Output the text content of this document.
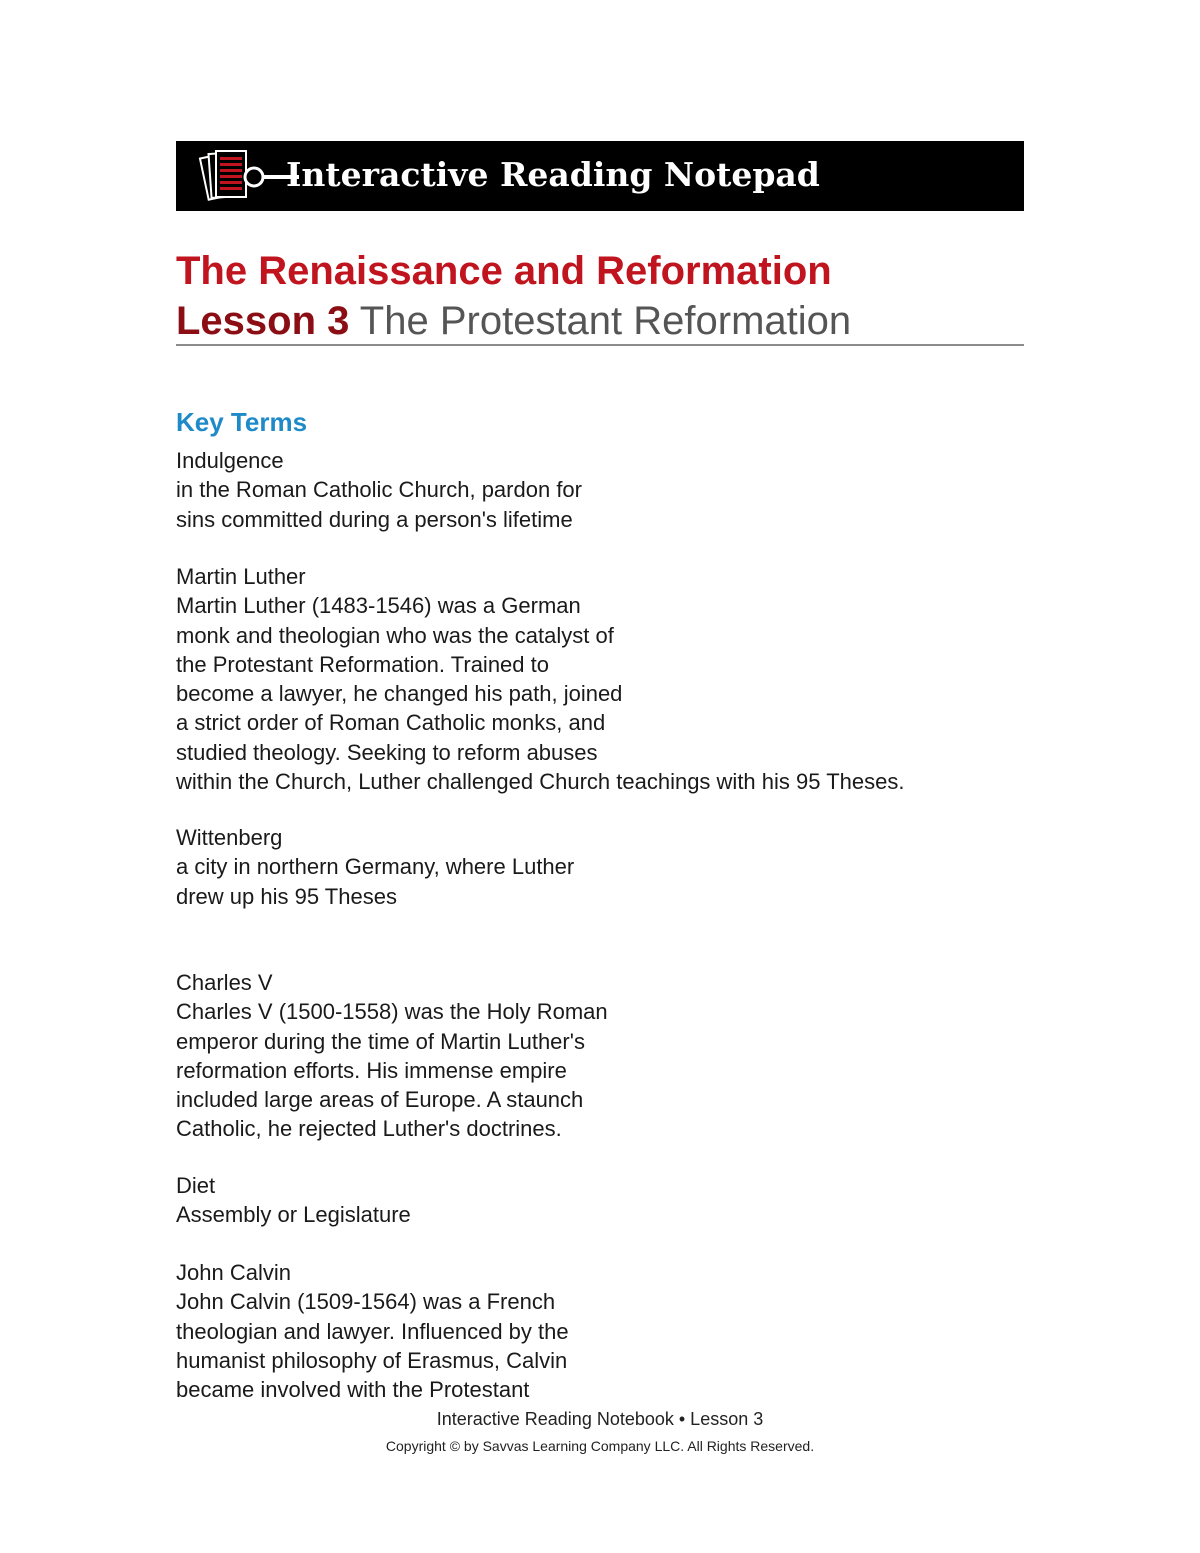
Interactive Reading Notepad
The Renaissance and Reformation
Lesson 3 The Protestant Reformation
Key Terms
Indulgence
in the Roman Catholic Church, pardon for
sins committed during a person's lifetime
Martin Luther
Martin Luther (1483-1546) was a German
monk and theologian who was the catalyst of
the Protestant Reformation. Trained to
become a lawyer, he changed his path, joined
a strict order of Roman Catholic monks, and
studied theology. Seeking to reform abuses
within the Church, Luther challenged Church teachings with his 95 Theses.
Wittenberg
a city in northern Germany, where Luther
drew up his 95 Theses
Charles V
Charles V (1500-1558) was the Holy Roman
emperor during the time of Martin Luther's
reformation efforts. His immense empire
included large areas of Europe. A staunch
Catholic, he rejected Luther's doctrines.
Diet
Assembly or Legislature
John Calvin
John Calvin (1509-1564) was a French
theologian and lawyer. Influenced by the
humanist philosophy of Erasmus, Calvin
became involved with the Protestant
Interactive Reading Notebook • Lesson 3
Copyright © by Savvas Learning Company LLC. All Rights Reserved.
